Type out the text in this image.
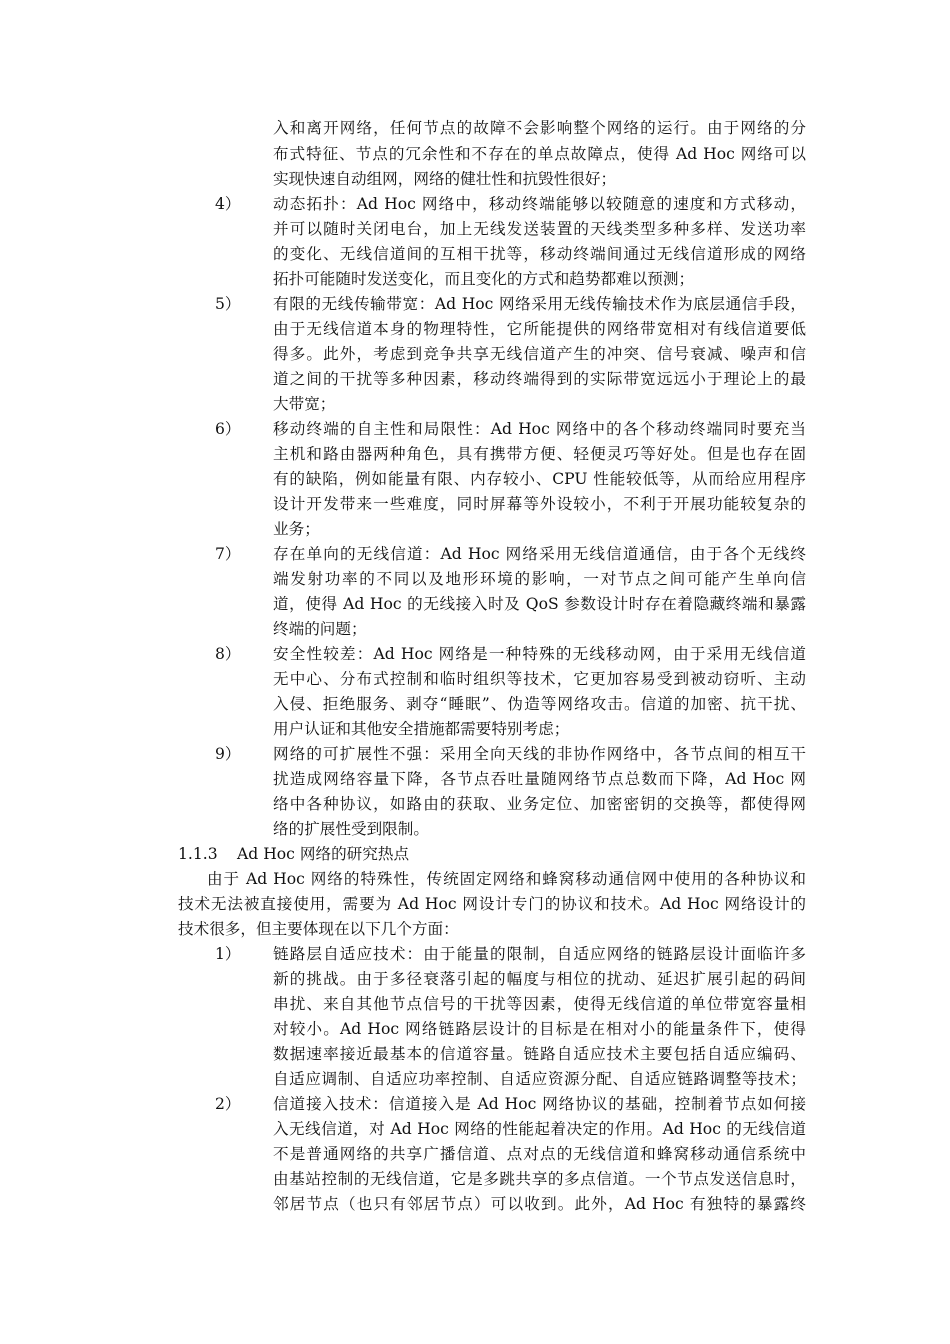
入和离开网络，任何节点的故障不会影响整个网络的运行。由于网络的分
布式特征、节点的冗余性和不存在的单点故障点，使得 Ad Hoc 网络可以
实现快速自动组网，网络的健壮性和抗毁性很好；
4） 动态拓扑：Ad Hoc 网络中，移动终端能够以较随意的速度和方式移动，
并可以随时关闭电台，加上无线发送装置的天线类型多种多样、发送功率
的变化、无线信道间的互相干扰等，移动终端间通过无线信道形成的网络
拓扑可能随时发送变化，而且变化的方式和趋势都难以预测；
5） 有限的无线传输带宽：Ad Hoc 网络采用无线传输技术作为底层通信手段，
由于无线信道本身的物理特性，它所能提供的网络带宽相对有线信道要低
得多。此外，考虑到竞争共享无线信道产生的冲突、信号衰减、噪声和信
道之间的干扰等多种因素，移动终端得到的实际带宽远远小于理论上的最
大带宽；
6） 移动终端的自主性和局限性：Ad Hoc 网络中的各个移动终端同时要充当
主机和路由器两种角色，具有携带方便、轻便灵巧等好处。但是也存在固
有的缺陷，例如能量有限、内存较小、CPU 性能较低等，从而给应用程序
设计开发带来一些难度，同时屏幕等外设较小，不利于开展功能较复杂的
业务；
7） 存在单向的无线信道：Ad Hoc 网络采用无线信道通信，由于各个无线终
端发射功率的不同以及地形环境的影响，一对节点之间可能产生单向信
道，使得 Ad Hoc 的无线接入时及 QoS 参数设计时存在着隐藏终端和暴露
终端的问题；
8） 安全性较差：Ad Hoc 网络是一种特殊的无线移动网，由于采用无线信道
无中心、分布式控制和临时组织等技术，它更加容易受到被动窃听、主动
入侵、拒绝服务、剥夺“睡眠”、伪造等网络攻击。信道的加密、抗干扰、
用户认证和其他安全措施都需要特别考虑；
9） 网络的可扩展性不强：采用全向天线的非协作网络中，各节点间的相互干
扰造成网络容量下降，各节点吞吐量随网络节点总数而下降，Ad Hoc 网
络中各种协议，如路由的获取、业务定位、加密密钥的交换等，都使得网
络的扩展性受到限制。
1.1.3 Ad Hoc 网络的研究热点
由于 Ad Hoc 网络的特殊性，传统固定网络和蜂窝移动通信网中使用的各种协议和
技术无法被直接使用，需要为 Ad Hoc 网设计专门的协议和技术。Ad Hoc 网络设计的
技术很多，但主要体现在以下几个方面：
1） 链路层自适应技术：由于能量的限制，自适应网络的链路层设计面临许多
新的挑战。由于多径衰落引起的幅度与相位的扰动、延迟扩展引起的码间
串扰、来自其他节点信号的干扰等因素，使得无线信道的单位带宽容量相
对较小。Ad Hoc 网络链路层设计的目标是在相对小的能量条件下，使得
数据速率接近最基本的信道容量。链路自适应技术主要包括自适应编码、
自适应调制、自适应功率控制、自适应资源分配、自适应链路调整等技术；
2） 信道接入技术：信道接入是 Ad Hoc 网络协议的基础，控制着节点如何接
入无线信道，对 Ad Hoc 网络的性能起着决定的作用。Ad Hoc 的无线信道
不是普通网络的共享广播信道、点对点的无线信道和蜂窝移动通信系统中
由基站控制的无线信道，它是多跳共享的多点信道。一个节点发送信息时，
邻居节点（也只有邻居节点）可以收到。此外，Ad Hoc 有独特的暴露终
